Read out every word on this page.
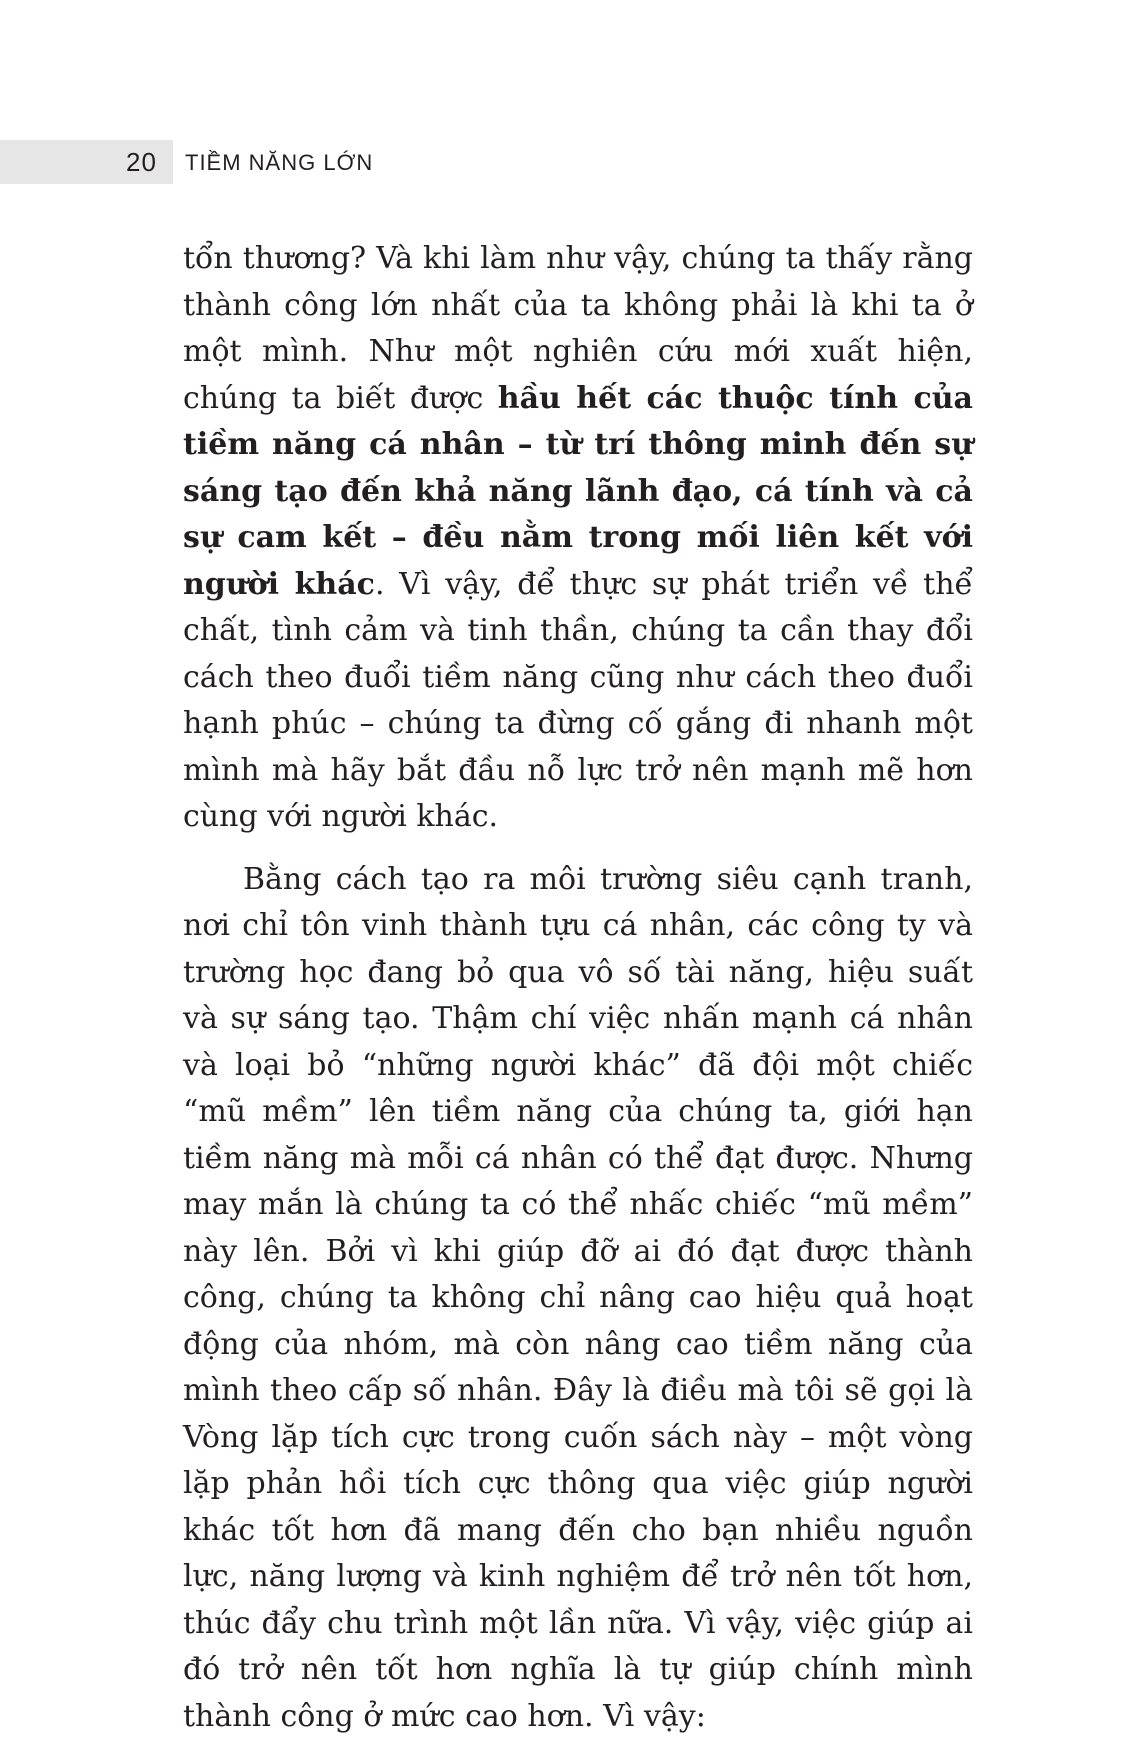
20 TIỀM NĂNG LỚN

tổn thương? Và khi làm như vậy, chúng ta thấy rằng thành công lớn nhất của ta không phải là khi ta ở một mình. Như một nghiên cứu mới xuất hiện, chúng ta biết được hầu hết các thuộc tính của tiềm năng cá nhân – từ trí thông minh đến sự sáng tạo đến khả năng lãnh đạo, cá tính và cả sự cam kết – đều nằm trong mối liên kết với người khác. Vì vậy, để thực sự phát triển về thể chất, tình cảm và tinh thần, chúng ta cần thay đổi cách theo đuổi tiềm năng cũng như cách theo đuổi hạnh phúc – chúng ta đừng cố gắng đi nhanh một mình mà hãy bắt đầu nỗ lực trở nên mạnh mẽ hơn cùng với người khác.

Bằng cách tạo ra môi trường siêu cạnh tranh, nơi chỉ tôn vinh thành tựu cá nhân, các công ty và trường học đang bỏ qua vô số tài năng, hiệu suất và sự sáng tạo. Thậm chí việc nhấn mạnh cá nhân và loại bỏ “những người khác” đã đội một chiếc “mũ mềm” lên tiềm năng của chúng ta, giới hạn tiềm năng mà mỗi cá nhân có thể đạt được. Nhưng may mắn là chúng ta có thể nhấc chiếc “mũ mềm” này lên. Bởi vì khi giúp đỡ ai đó đạt được thành công, chúng ta không chỉ nâng cao hiệu quả hoạt động của nhóm, mà còn nâng cao tiềm năng của mình theo cấp số nhân. Đây là điều mà tôi sẽ gọi là Vòng lặp tích cực trong cuốn sách này – một vòng lặp phản hồi tích cực thông qua việc giúp người khác tốt hơn đã mang đến cho bạn nhiều nguồn lực, năng lượng và kinh nghiệm để trở nên tốt hơn, thúc đẩy chu trình một lần nữa. Vì vậy, việc giúp ai đó trở nên tốt hơn nghĩa là tự giúp chính mình thành công ở mức cao hơn. Vì vậy:
